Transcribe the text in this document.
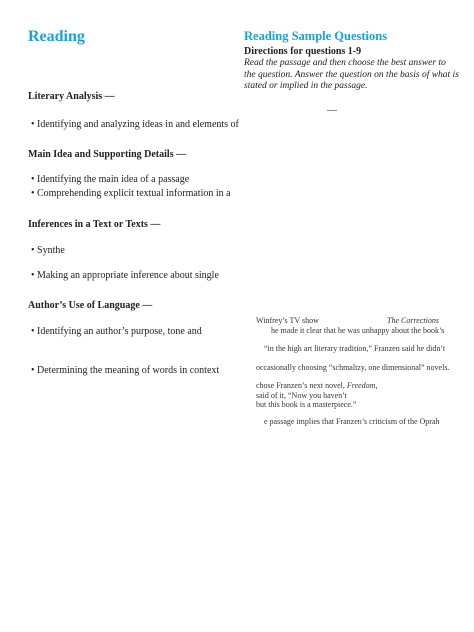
Reading
Literary Analysis —
• Identifying and analyzing ideas in and elements of
Main Idea and Supporting Details —
• Identifying the main idea of a passage
• Comprehending explicit textual information in a
Inferences in a Text or Texts —
• Synthe
• Making an appropriate inference about single
Author’s Use of Language —
• Identifying an author’s purpose, tone and
• Determining the meaning of words in context
Reading Sample Questions
Directions for questions 1-9
Read the passage and then choose the best answer to the question. Answer the question on the basis of what is stated or implied in the passage.
—
Winfrey’s TV show	The Corrections
he made it clear that he was unhappy about the book’s
“in the high art literary tradition,” Franzen said he didn’t
occasionally choosing “schmaltzy, one dimensional” novels.
chose Franzen’s next novel, Freedom,
said of it, “Now you haven’t
but this book is a masterpiece.”
e passage implies that Franzen’s criticism of the Oprah
